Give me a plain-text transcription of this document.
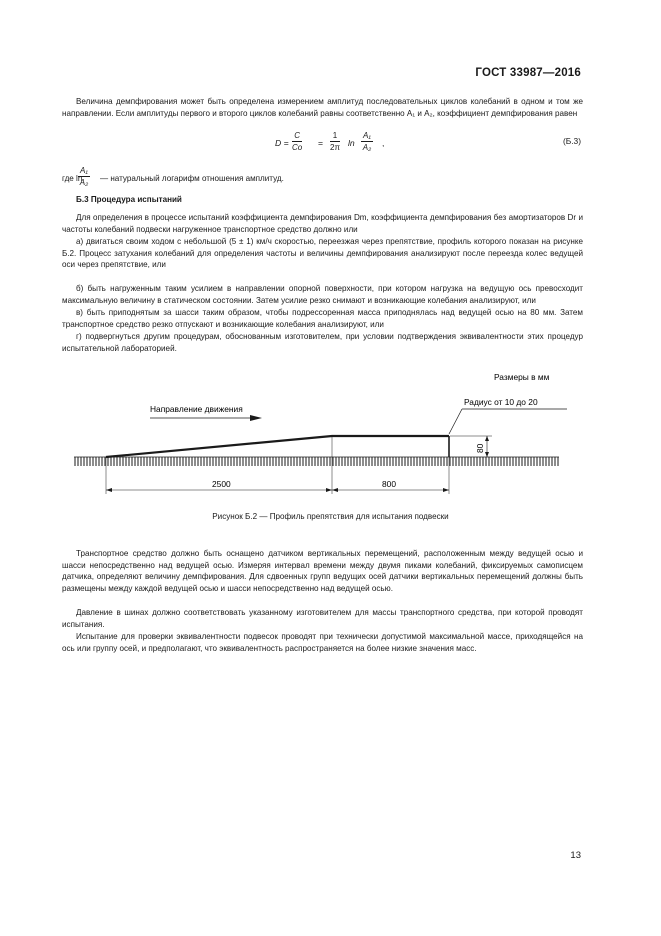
ГОСТ 33987—2016

Величина демпфирования может быть определена измерением амплитуд последовательных циклов колебаний в одном и том же направлении. Если амплитуды первого и второго циклов колебаний равны соответственно A₁ и A₂, коэффициент демпфирования равен

$D = \frac{C}{Co} = \frac{1}{2\pi}$ $\ln \frac{\text{A₁}}{\text{A₂}}$ ,	(Б.3)
где ln
$\frac{\text{A₁}}{\text{A₂}}$ — натуральный логарифм отношения амплитуд.
Б.3 Процедура испытаний

Для определения в процессе испытаний коэффициента демпфирования Dm, коэффициента демпфирования без амортизаторов Dr и частоты колебаний подвески нагруженное транспортное средство должно или

а) двигаться своим ходом с небольшой (5 ± 1) км/ч скоростью, переезжая через препятствие, профиль которого показан на рисунке Б.2. Процесс затухания колебаний для определения частоты и величины демпфирования анализируют после переезда колес ведущей оси через препятствие, или

б) быть нагруженным таким усилием в направлении опорной поверхности, при котором нагрузка на ведущую ось превосходит максимальную величину в статическом состоянии. Затем усилие резко снимают и возникающие колебания анализируют, или

в) быть приподнятым за шасси таким образом, чтобы подрессоренная масса приподнялась над ведущей осью на 80 мм. Затем транспортное средство резко отпускают и возникающие колебания анализируют, или

г) подвергнуться другим процедурам, обоснованным изготовителем, при условии подтверждения эквивалентности этих процедур испытательной лабораторией.

Размеры в мм
Направление движения
Радиус от 10 до 20
80
2500	800
Рисунок Б.2 — Профиль препятствия для испытания подвески

Транспортное средство должно быть оснащено датчиком вертикальных перемещений, расположенным между ведущей осью и шасси непосредственно над ведущей осью. Измеряя интервал времени между двумя пиками колебаний, фиксируемых самописцем датчика, определяют величину демпфирования. Для сдвоенных групп ведущих осей датчики вертикальных перемещений должны быть размещены между каждой ведущей осью и шасси непосредственно над ведущей осью.

Давление в шинах должно соответствовать указанному изготовителем для массы транспортного средства, при которой проводят испытания.

Испытание для проверки эквивалентности подвесок проводят при технически допустимой максимальной массе, приходящейся на ось или группу осей, и предполагают, что эквивалентность распространяется на более низкие значения масс.

13
